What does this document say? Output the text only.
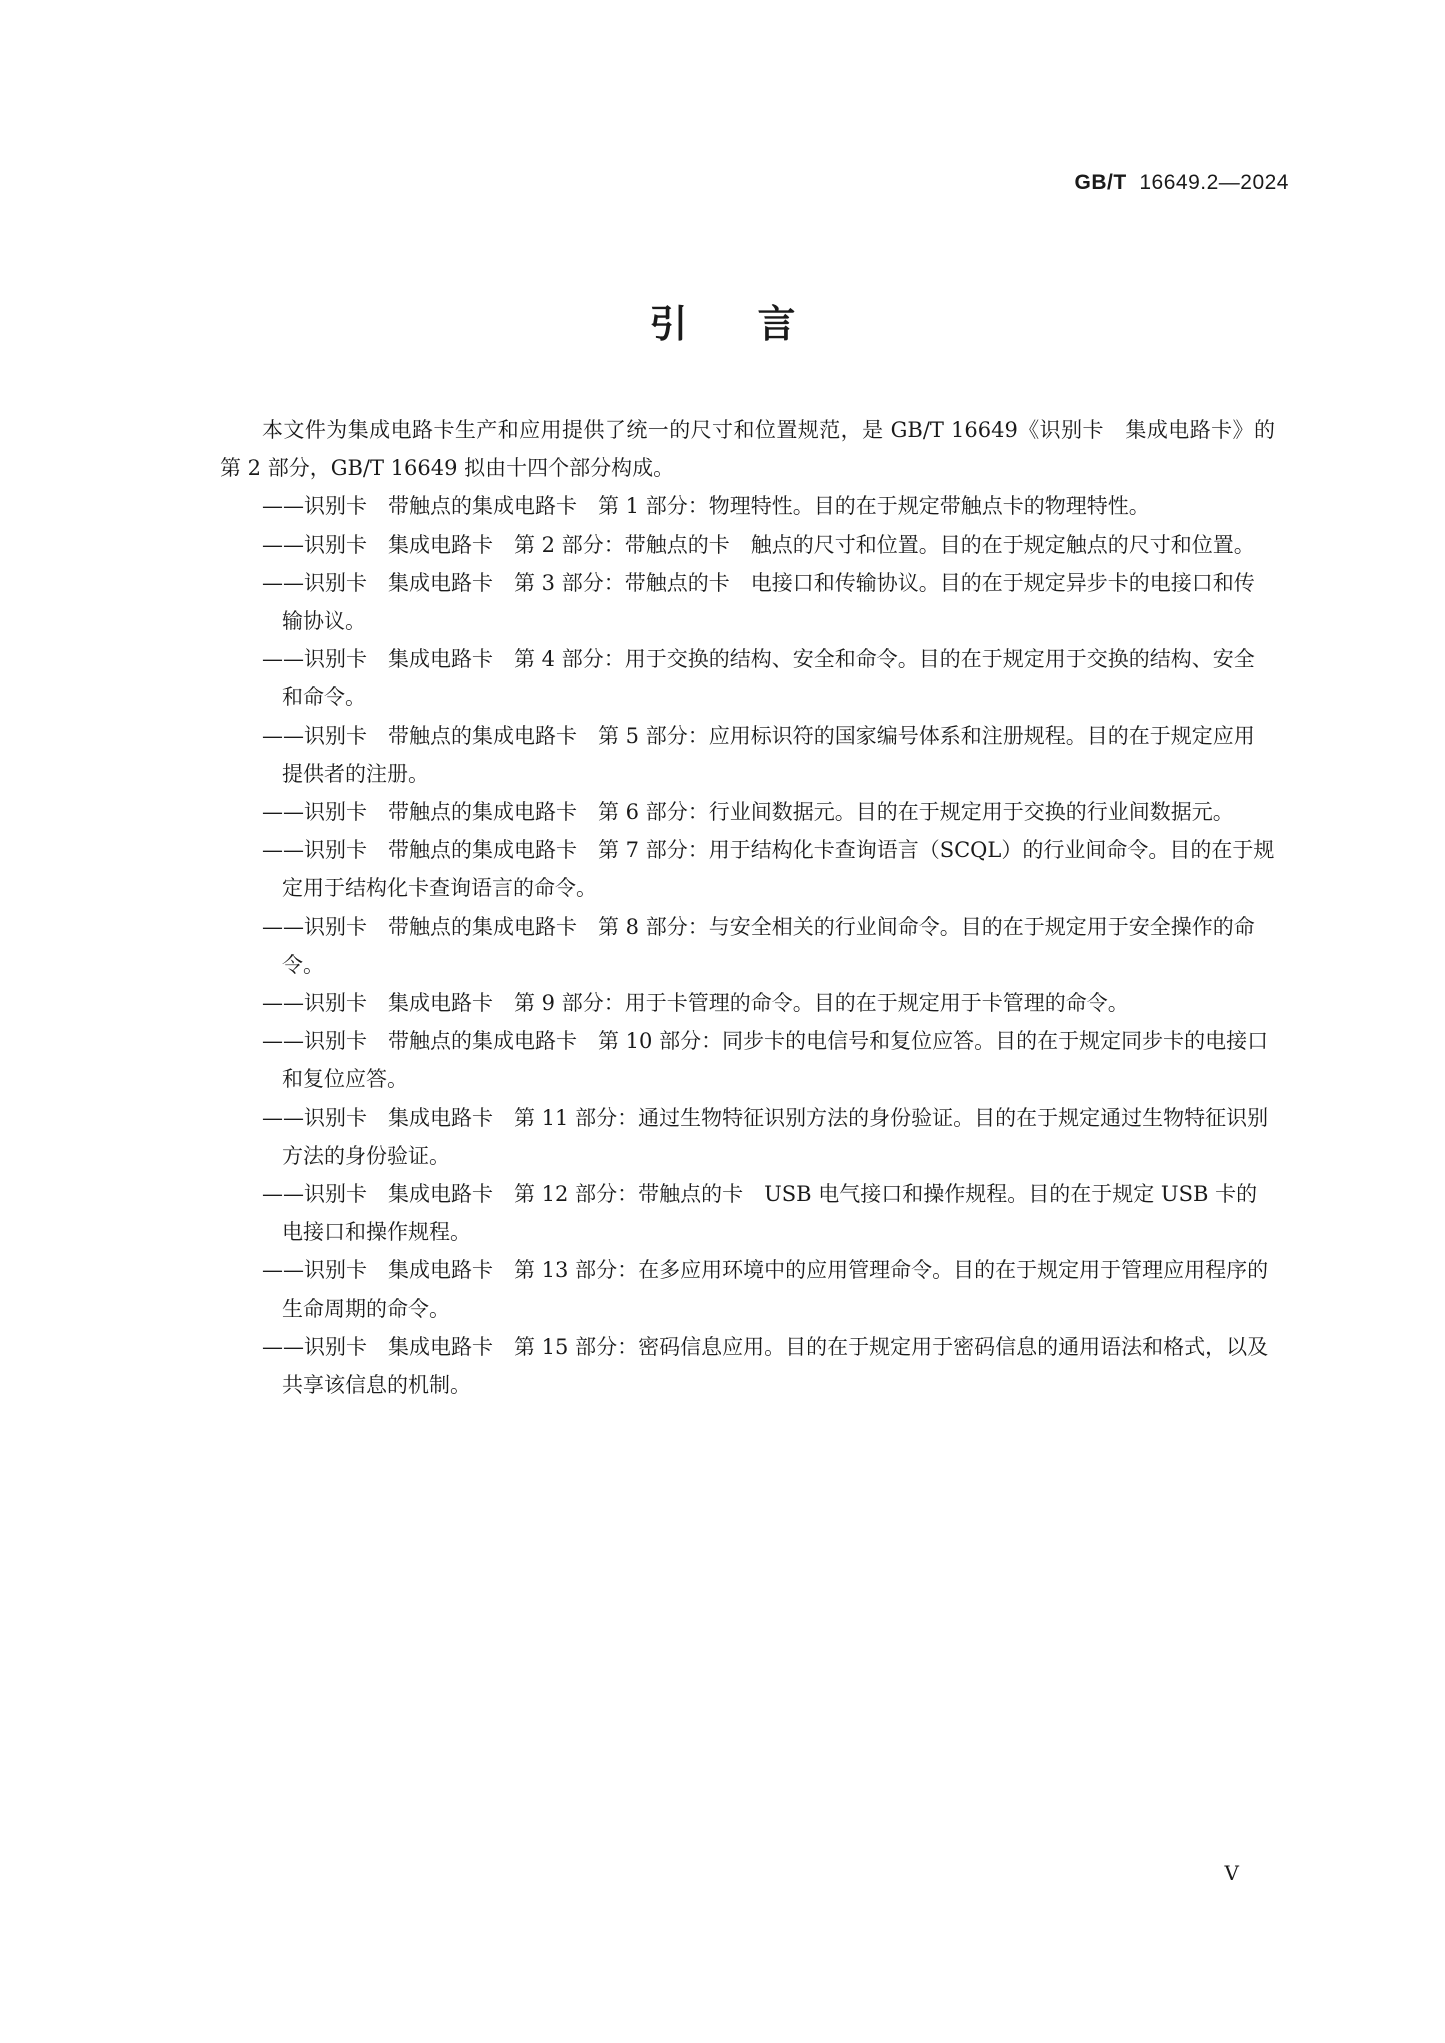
GB/T 16649.2—2024
引言

本文件为集成电路卡生产和应用提供了统一的尺寸和位置规范，是 GB/T 16649《识别卡　集成电路卡》的第 2 部分，GB/T 16649 拟由十四个部分构成。

——识别卡　带触点的集成电路卡　第 1 部分：物理特性。目的在于规定带触点卡的物理特性。
——识别卡　集成电路卡　第 2 部分：带触点的卡　触点的尺寸和位置。目的在于规定触点的尺寸和位置。
——识别卡　集成电路卡　第 3 部分：带触点的卡　电接口和传输协议。目的在于规定异步卡的电接口和传输协议。
——识别卡　集成电路卡　第 4 部分：用于交换的结构、安全和命令。目的在于规定用于交换的结构、安全和命令。
——识别卡　带触点的集成电路卡　第 5 部分：应用标识符的国家编号体系和注册规程。目的在于规定应用提供者的注册。
——识别卡　带触点的集成电路卡　第 6 部分：行业间数据元。目的在于规定用于交换的行业间数据元。
——识别卡　带触点的集成电路卡　第 7 部分：用于结构化卡查询语言（SCQL）的行业间命令。目的在于规定用于结构化卡查询语言的命令。
——识别卡　带触点的集成电路卡　第 8 部分：与安全相关的行业间命令。目的在于规定用于安全操作的命令。
——识别卡　集成电路卡　第 9 部分：用于卡管理的命令。目的在于规定用于卡管理的命令。
——识别卡　带触点的集成电路卡　第 10 部分：同步卡的电信号和复位应答。目的在于规定同步卡的电接口和复位应答。
——识别卡　集成电路卡　第 11 部分：通过生物特征识别方法的身份验证。目的在于规定通过生物特征识别方法的身份验证。
——识别卡　集成电路卡　第 12 部分：带触点的卡　USB 电气接口和操作规程。目的在于规定 USB 卡的电接口和操作规程。
——识别卡　集成电路卡　第 13 部分：在多应用环境中的应用管理命令。目的在于规定用于管理应用程序的生命周期的命令。
——识别卡　集成电路卡　第 15 部分：密码信息应用。目的在于规定用于密码信息的通用语法和格式，以及共享该信息的机制。
V
